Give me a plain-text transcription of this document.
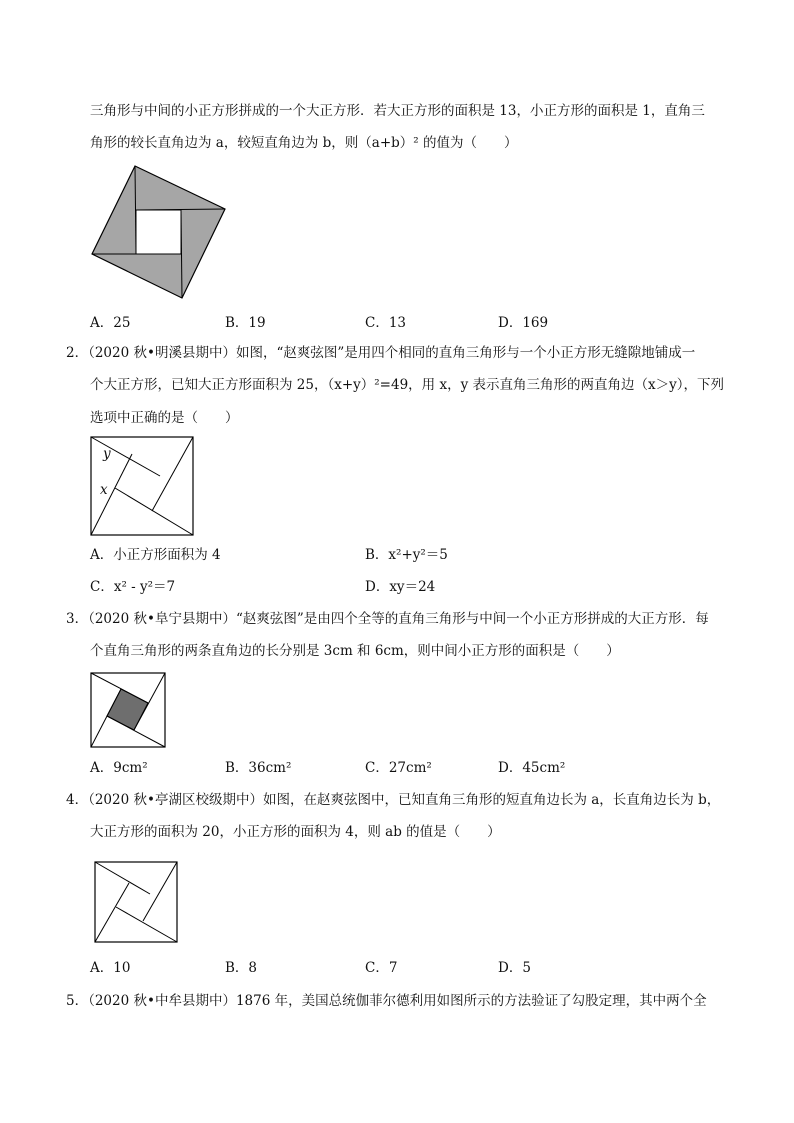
三角形与中间的小正方形拼成的一个大正方形．若大正方形的面积是 13，小正方形的面积是 1，直角三
角形的较长直角边为 a，较短直角边为 b，则（a+b）² 的值为（　　）
A．25	B．19	C．13	D．169
2．（2020 秋•明溪县期中）如图，“赵爽弦图”是用四个相同的直角三角形与一个小正方形无缝隙地铺成一
个大正方形，已知大正方形面积为 25，（x+y）²=49，用 x，y 表示直角三角形的两直角边（x＞y），下列
选项中正确的是（　　）
y
x
A．小正方形面积为 4	B．x²+y²＝5
C．x² - y²＝7	D．xy＝24
3．（2020 秋•阜宁县期中）“赵爽弦图”是由四个全等的直角三角形与中间一个小正方形拼成的大正方形．每
个直角三角形的两条直角边的长分别是 3cm 和 6cm，则中间小正方形的面积是（　　）
A．9cm²	B．36cm²	C．27cm²	D．45cm²
4．（2020 秋•亭湖区校级期中）如图，在赵爽弦图中，已知直角三角形的短直角边长为 a，长直角边长为 b，
大正方形的面积为 20，小正方形的面积为 4，则 ab 的值是（　　）
A．10	B．8	C．7	D．5
5．（2020 秋•中牟县期中）1876 年，美国总统伽菲尔德利用如图所示的方法验证了勾股定理，其中两个全
